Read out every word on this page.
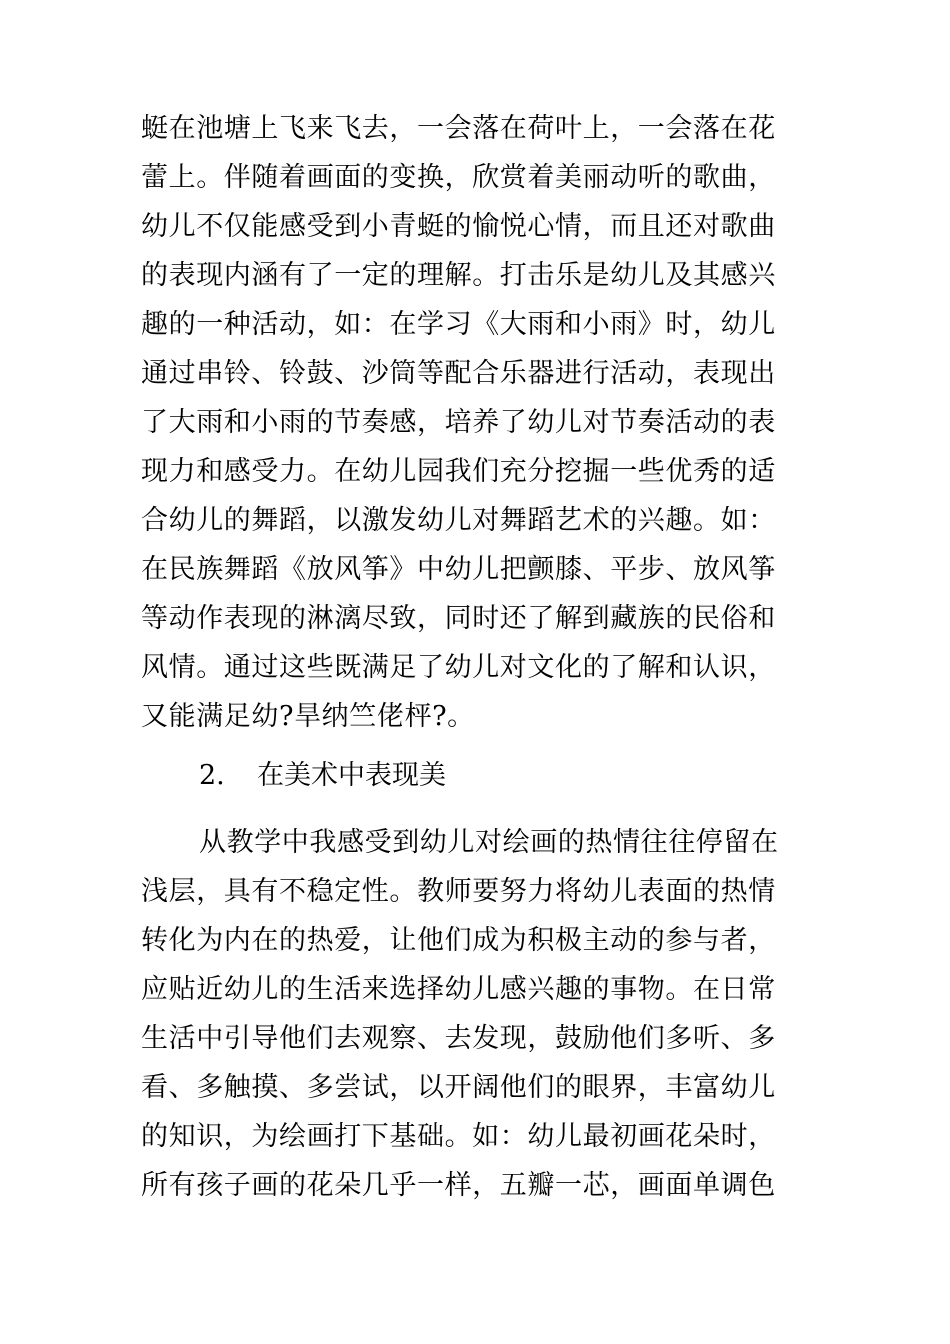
蜓在池塘上飞来飞去，一会落在荷叶上，一会落在花
蕾上。伴随着画面的变换，欣赏着美丽动听的歌曲，
幼儿不仅能感受到小青蜓的愉悦心情，而且还对歌曲
的表现内涵有了一定的理解。打击乐是幼儿及其感兴
趣的一种活动，如：在学习《大雨和小雨》时，幼儿
通过串铃、铃鼓、沙筒等配合乐器进行活动，表现出
了大雨和小雨的节奏感，培养了幼儿对节奏活动的表
现力和感受力。在幼儿园我们充分挖掘一些优秀的适
合幼儿的舞蹈，以激发幼儿对舞蹈艺术的兴趣。如：
在民族舞蹈《放风筝》中幼儿把颤膝、平步、放风筝
等动作表现的淋漓尽致，同时还了解到藏族的民俗和
风情。通过这些既满足了幼儿对文化的了解和认识，
又能满足幼?旱纳竺佬枰?。
2. 在美术中表现美
从教学中我感受到幼儿对绘画的热情往往停留在
浅层，具有不稳定性。教师要努力将幼儿表面的热情
转化为内在的热爱，让他们成为积极主动的参与者，
应贴近幼儿的生活来选择幼儿感兴趣的事物。在日常
生活中引导他们去观察、去发现，鼓励他们多听、多
看、多触摸、多尝试，以开阔他们的眼界，丰富幼儿
的知识，为绘画打下基础。如：幼儿最初画花朵时，
所有孩子画的花朵几乎一样，五瓣一芯，画面单调色
